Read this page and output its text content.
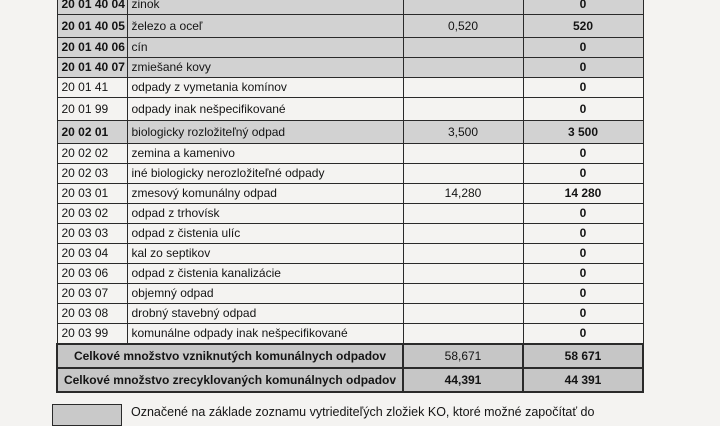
20 01 40 04	zinok		0
20 01 40 05	železo a oceľ	0,520	520
20 01 40 06	cín		0
20 01 40 07	zmiešané kovy		0
20 01 41	odpady z vymetania komínov		0
20 01 99	odpady inak nešpecifikované		0
20 02 01	biologicky rozložiteľný odpad	3,500	3 500
20 02 02	zemina a kamenivo		0
20 02 03	iné biologicky nerozložiteľné odpady		0
20 03 01	zmesový komunálny odpad	14,280	14 280
20 03 02	odpad z trhovísk		0
20 03 03	odpad z čistenia ulíc		0
20 03 04	kal zo septikov		0
20 03 06	odpad z čistenia kanalizácie		0
20 03 07	objemný odpad		0
20 03 08	drobný stavebný odpad		0
20 03 99	komunálne odpady inak nešpecifikované		0
Celkové množstvo vzniknutých komunálnych odpadov		58,671	58 671
Celkové množstvo zrecyklovaných komunálnych odpadov		44,391	44 391
Označené na základe zoznamu vytriediteľých zložiek KO, ktoré možné započítať do
